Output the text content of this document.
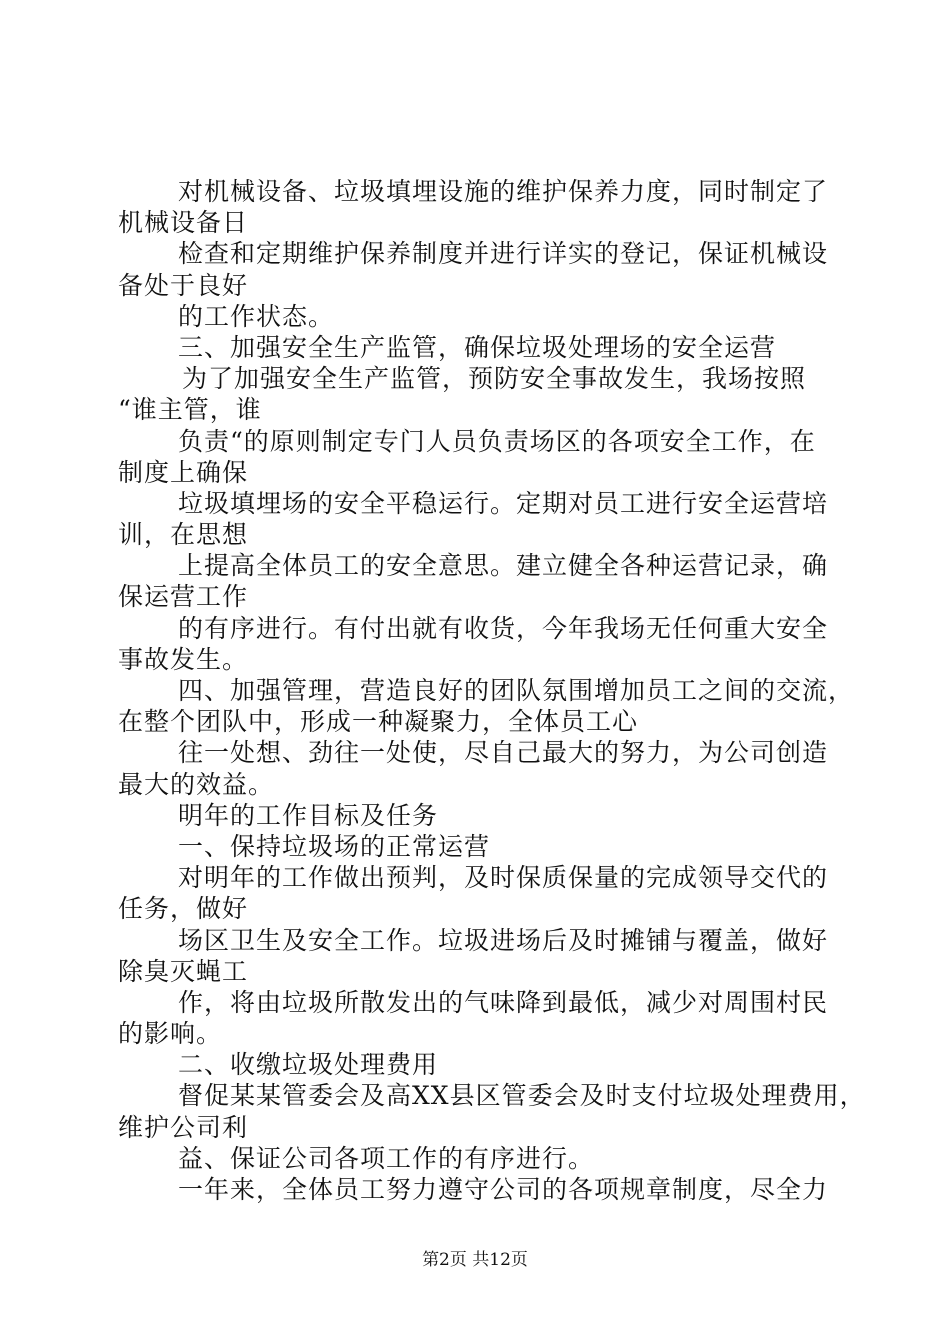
对机械设备、垃圾填埋设施的维护保养力度，同时制定了
机械设备日
检查和定期维护保养制度并进行详实的登记，保证机械设
备处于良好
的工作状态。
三、加强安全生产监管，确保垃圾处理场的安全运营
为了加强安全生产监管，预防安全事故发生，我场按照
“谁主管，谁
负责“的原则制定专门人员负责场区的各项安全工作，在
制度上确保
垃圾填埋场的安全平稳运行。定期对员工进行安全运营培
训，在思想
上提高全体员工的安全意思。建立健全各种运营记录，确
保运营工作
的有序进行。有付出就有收货，今年我场无任何重大安全
事故发生。
四、加强管理，营造良好的团队氛围增加员工之间的交流，
在整个团队中，形成一种凝聚力，全体员工心
往一处想、劲往一处使，尽自己最大的努力，为公司创造
最大的效益。
明年的工作目标及任务
一、保持垃圾场的正常运营
对明年的工作做出预判，及时保质保量的完成领导交代的
任务，做好
场区卫生及安全工作。垃圾进场后及时摊铺与覆盖，做好
除臭灭蝇工
作，将由垃圾所散发出的气味降到最低，减少对周围村民
的影响。
二、收缴垃圾处理费用
督促某某管委会及高XX县区管委会及时支付垃圾处理费用，
维护公司利
益、保证公司各项工作的有序进行。
一年来，全体员工努力遵守公司的各项规章制度，尽全力
第2页 共12页
